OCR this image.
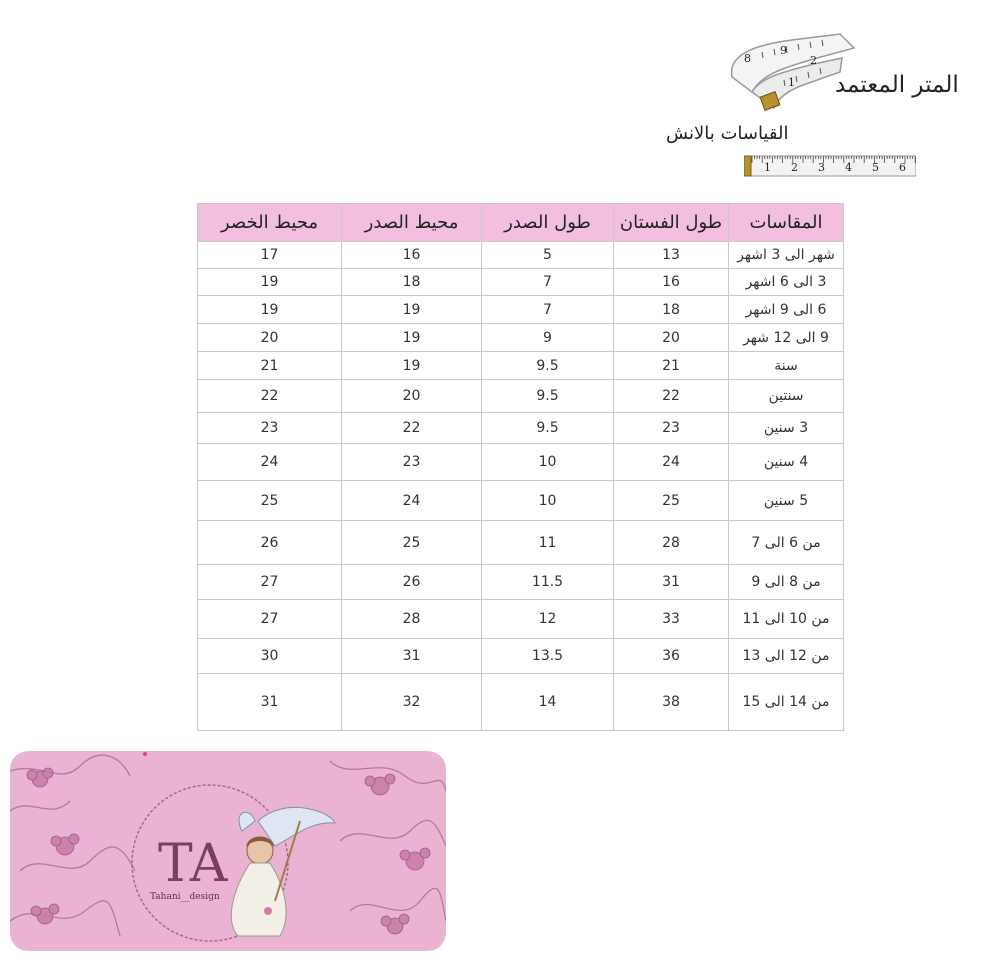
8
9
2
1 المتر المعتمد
القياسات بالانش
1 2 3 4 5 6
المقاسات	طول الفستان	طول الصدر	محيط الصدر	محيط الخصر
شهر الى 3 اشهر	13	5	16	17
3 الى 6 اشهر	16	7	18	19
6 الى 9 اشهر	18	7	19	19
9 الى 12 شهر	20	9	19	20
سنة	21	9.5	19	21
سنتين	22	9.5	20	22
3 سنين	23	9.5	22	23
4 سنين	24	10	23	24
5 سنين	25	10	24	25
من 6 الى 7	28	11	25	26
من 8 الى 9	31	11.5	26	27
من 10 الى 11	33	12	28	27
من 12 الى 13	36	13.5	31	30
من 14 الى 15	38	14	32	31
TA
Tahani__design
